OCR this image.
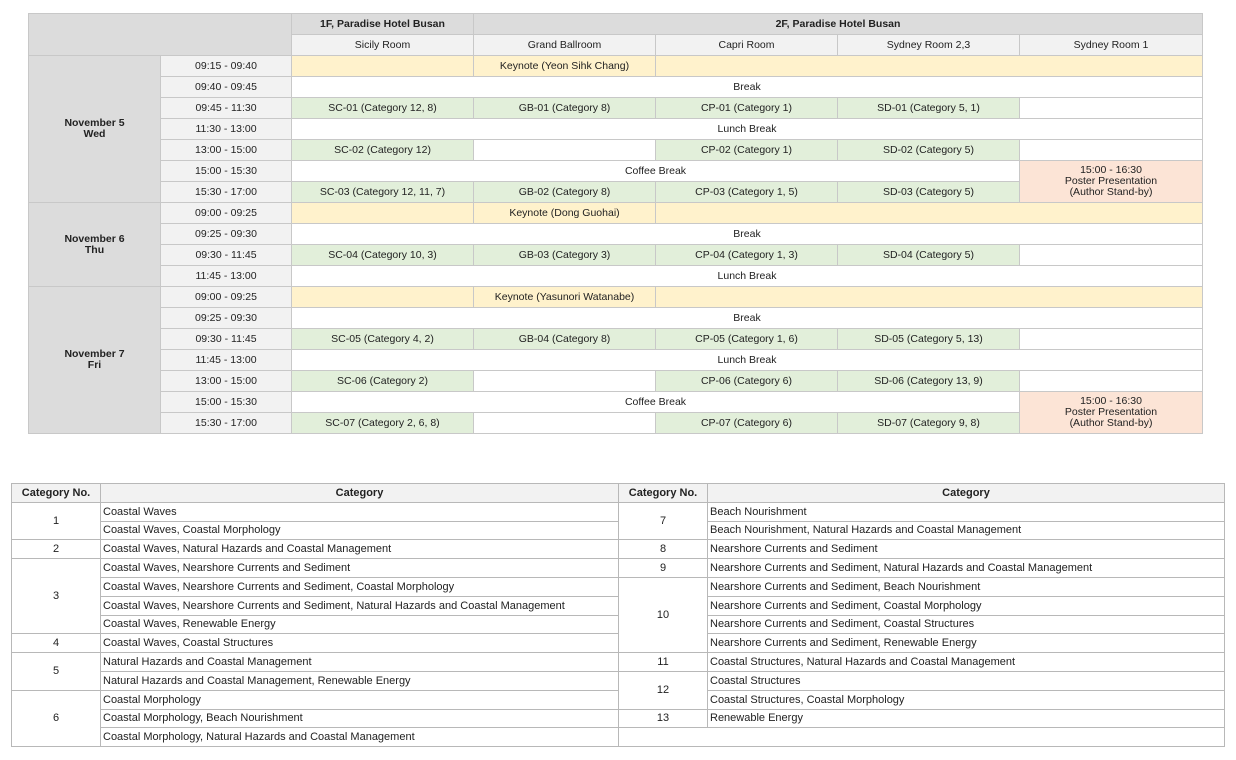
		1F, Paradise Hotel Busan	2F, Paradise Hotel Busan			
		Sicily Room	Grand Ballroom	Capri Room	Sydney Room 2,3	Sydney Room 1
November 5
Wed	09:15 - 09:40		Keynote (Yeon Sihk Chang)			
	09:40 - 09:45	Break				
	09:45 - 11:30	SC-01 (Category 12, 8)	GB-01 (Category 8)	CP-01 (Category 1)	SD-01 (Category 5, 1)	
	11:30 - 13:00	Lunch Break				
	13:00 - 15:00	SC-02 (Category 12)		CP-02 (Category 1)	SD-02 (Category 5)	
	15:00 - 15:30	Coffee Break				15:00 - 16:30
Poster Presentation
(Author Stand-by)
	15:30 - 17:00	SC-03 (Category 12, 11, 7)	GB-02 (Category 8)	CP-03 (Category 1, 5)	SD-03 (Category 5)	
November 6
Thu	09:00 - 09:25		Keynote (Dong Guohai)			
	09:25 - 09:30	Break				
	09:30 - 11:45	SC-04 (Category 10, 3)	GB-03 (Category 3)	CP-04 (Category 1, 3)	SD-04 (Category 5)	
	11:45 - 13:00	Lunch Break				
November 7
Fri	09:00 - 09:25		Keynote (Yasunori Watanabe)			
	09:25 - 09:30	Break				
	09:30 - 11:45	SC-05 (Category 4, 2)	GB-04 (Category 8)	CP-05 (Category 1, 6)	SD-05 (Category 5, 13)	
	11:45 - 13:00	Lunch Break				
	13:00 - 15:00	SC-06 (Category 2)		CP-06 (Category 6)	SD-06 (Category 13, 9)	
	15:00 - 15:30	Coffee Break				15:00 - 16:30
Poster Presentation
(Author Stand-by)
	15:30 - 17:00	SC-07 (Category 2, 6, 8)		CP-07 (Category 6)	SD-07 (Category 9, 8)	
Category No.	Category	Category No.	Category
1	Coastal Waves	7	Beach Nourishment
	Coastal Waves, Coastal Morphology		Beach Nourishment, Natural Hazards and Coastal Management
2	Coastal Waves, Natural Hazards and Coastal Management	8	Nearshore Currents and Sediment
3	Coastal Waves, Nearshore Currents and Sediment	9	Nearshore Currents and Sediment, Natural Hazards and Coastal Management
	Coastal Waves, Nearshore Currents and Sediment, Coastal Morphology	10	Nearshore Currents and Sediment, Beach Nourishment
	Coastal Waves, Nearshore Currents and Sediment, Natural Hazards and Coastal Management		Nearshore Currents and Sediment, Coastal Morphology
	Coastal Waves, Renewable Energy		Nearshore Currents and Sediment, Coastal Structures
4	Coastal Waves, Coastal Structures		Nearshore Currents and Sediment, Renewable Energy
5	Natural Hazards and Coastal Management	11	Coastal Structures, Natural Hazards and Coastal Management
	Natural Hazards and Coastal Management, Renewable Energy	12	Coastal Structures
6	Coastal Morphology		Coastal Structures, Coastal Morphology
	Coastal Morphology, Beach Nourishment	13	Renewable Energy
	Coastal Morphology, Natural Hazards and Coastal Management		
